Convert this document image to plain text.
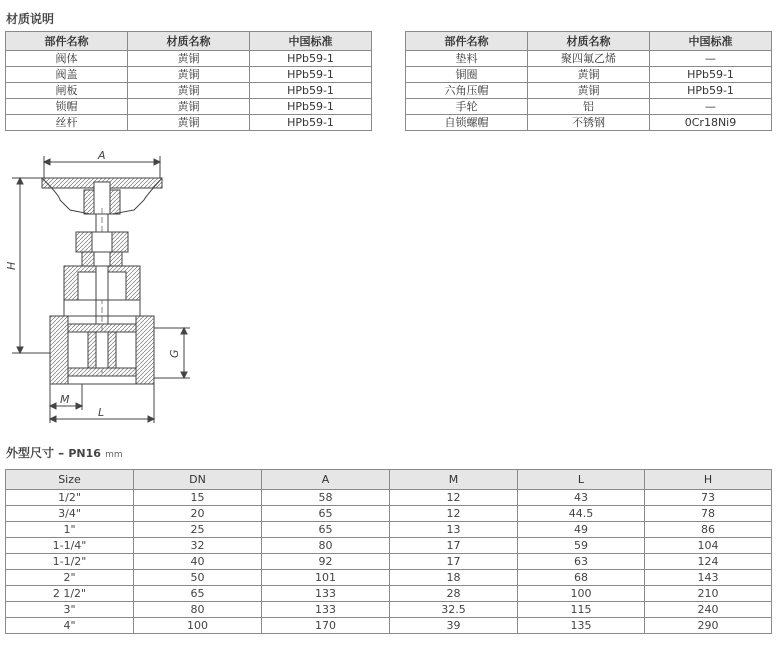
材质说明
部件名称	材质名称	中国标准
阀体	黄铜	HPb59-1
阀盖	黄铜	HPb59-1
闸板	黄铜	HPb59-1
锁帽	黄铜	HPb59-1
丝杆	黄铜	HPb59-1
部件名称	材质名称	中国标准
垫料	聚四氟乙烯	—
铜圈	黄铜	HPb59-1
六角压帽	黄铜	HPb59-1
手轮	铝	—
自锁螺帽	不锈钢	0Cr18Ni9
A
H
G
M
L
外型尺寸 – PN16 mm
Size	DN	A	M	L	H
1/2"	15	58	12	43	73
3/4"	20	65	12	44.5	78
1"	25	65	13	49	86
1-1/4"	32	80	17	59	104
1-1/2"	40	92	17	63	124
2"	50	101	18	68	143
2 1/2"	65	133	28	100	210
3"	80	133	32.5	115	240
4"	100	170	39	135	290
